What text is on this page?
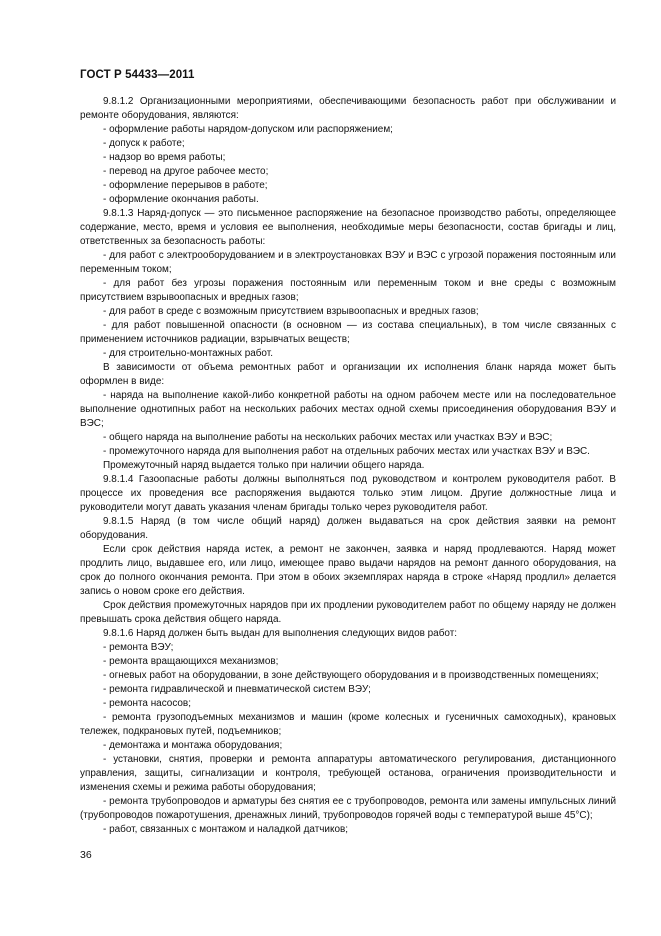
ГОСТ Р 54433—2011

9.8.1.2 Организационными мероприятиями, обеспечивающими безопасность работ при обслуживании и ремонте оборудования, являются:

- оформление работы нарядом-допуском или распоряжением;

- допуск к работе;

- надзор во время работы;

- перевод на другое рабочее место;

- оформление перерывов в работе;

- оформление окончания работы.

9.8.1.3 Наряд-допуск — это письменное распоряжение на безопасное производство работы, определяющее содержание, место, время и условия ее выполнения, необходимые меры безопасности, состав бригады и лиц, ответственных за безопасность работы:

- для работ с электрооборудованием и в электроустановках ВЭУ и ВЭС с угрозой поражения постоянным или переменным током;

- для работ без угрозы поражения постоянным или переменным током и вне среды с возможным присутствием взрывоопасных и вредных газов;

- для работ в среде с возможным присутствием взрывоопасных и вредных газов;

- для работ повышенной опасности (в основном — из состава специальных), в том числе связанных с применением источников радиации, взрывчатых веществ;

- для строительно-монтажных работ.

В зависимости от объема ремонтных работ и организации их исполнения бланк наряда может быть оформлен в виде:

- наряда на выполнение какой-либо конкретной работы на одном рабочем месте или на последовательное выполнение однотипных работ на нескольких рабочих местах одной схемы присоединения оборудования ВЭУ и ВЭС;

- общего наряда на выполнение работы на нескольких рабочих местах или участках ВЭУ и ВЭС;

- промежуточного наряда для выполнения работ на отдельных рабочих местах или участках ВЭУ и ВЭС.

Промежуточный наряд выдается только при наличии общего наряда.

9.8.1.4 Газоопасные работы должны выполняться под руководством и контролем руководителя работ. В процессе их проведения все распоряжения выдаются только этим лицом. Другие должностные лица и руководители могут давать указания членам бригады только через руководителя работ.

9.8.1.5 Наряд (в том числе общий наряд) должен выдаваться на срок действия заявки на ремонт оборудования.

Если срок действия наряда истек, а ремонт не закончен, заявка и наряд продлеваются. Наряд может продлить лицо, выдавшее его, или лицо, имеющее право выдачи нарядов на ремонт данного оборудования, на срок до полного окончания ремонта. При этом в обоих экземплярах наряда в строке «Наряд продлил» делается запись о новом сроке его действия.

Срок действия промежуточных нарядов при их продлении руководителем работ по общему наряду не должен превышать срока действия общего наряда.

9.8.1.6 Наряд должен быть выдан для выполнения следующих видов работ:

- ремонта ВЭУ;

- ремонта вращающихся механизмов;

- огневых работ на оборудовании, в зоне действующего оборудования и в производственных помещениях;

- ремонта гидравлической и пневматической систем ВЭУ;

- ремонта насосов;

- ремонта грузоподъемных механизмов и машин (кроме колесных и гусеничных самоходных), крановых тележек, подкрановых путей, подъемников;

- демонтажа и монтажа оборудования;

- установки, снятия, проверки и ремонта аппаратуры автоматического регулирования, дистанционного управления, защиты, сигнализации и контроля, требующей останова, ограничения производительности и изменения схемы и режима работы оборудования;

- ремонта трубопроводов и арматуры без снятия ее с трубопроводов, ремонта или замены импульсных линий (трубопроводов пожаротушения, дренажных линий, трубопроводов горячей воды с температурой выше 45°C);

- работ, связанных с монтажом и наладкой датчиков;

36
